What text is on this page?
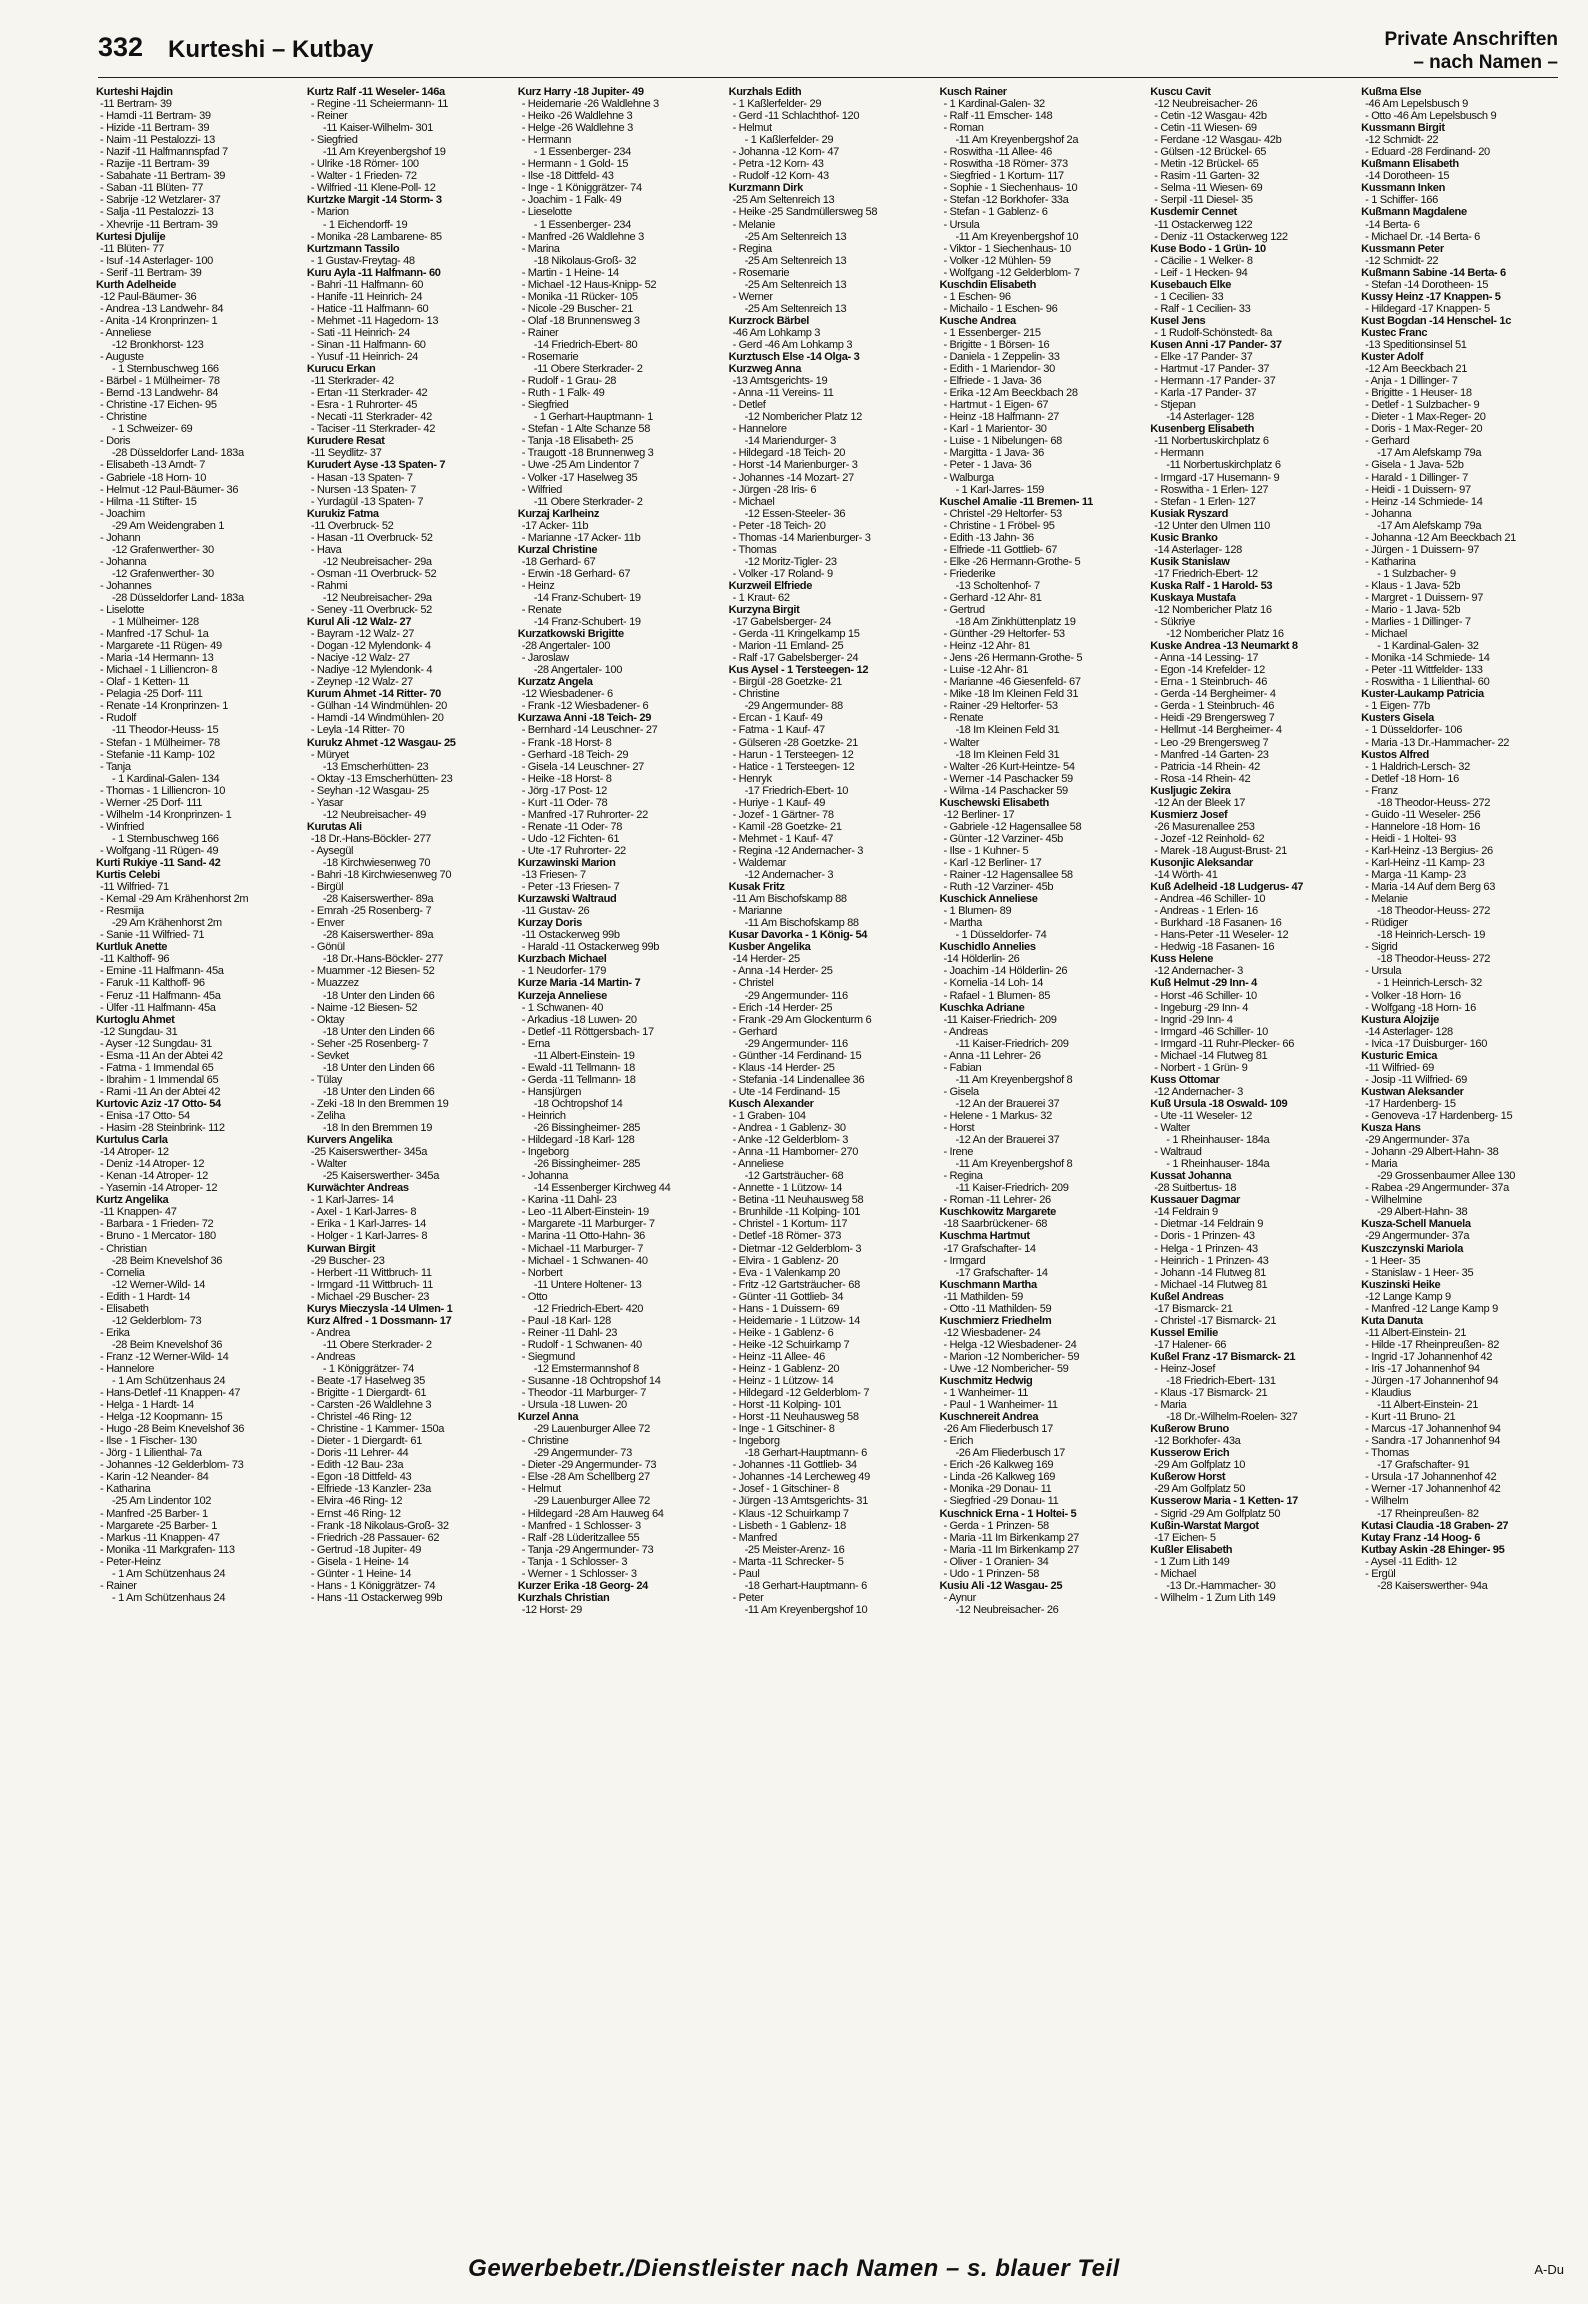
332 Kurteshi – Kutbay	Private Anschriften
– nach Namen –
Kurteshi Hajdin
-11 Bertram- 39
- Hamdi -11 Bertram- 39
- Hizide -11 Bertram- 39
- Naim -11 Pestalozzi- 13
- Nazif -11 Halfmannspfad 7
- Razije -11 Bertram- 39
- Sabahate -11 Bertram- 39
- Saban -11 Blüten- 77
- Sabrije -12 Wetzlarer- 37
- Salja -11 Pestalozzi- 13
- Xhevrije -11 Bertram- 39
Kurtesi Djulije
-11 Blüten- 77
- Isuf -14 Asterlager- 100
- Serif -11 Bertram- 39
Kurth Adelheide
-12 Paul-Bäumer- 36
- Andrea -13 Landwehr- 84
- Anita -14 Kronprinzen- 1
- Anneliese
-12 Bronkhorst- 123
- Auguste
- 1 Sternbuschweg 166
- Bärbel - 1 Mülheimer- 78
- Bernd -13 Landwehr- 84
- Christine -17 Eichen- 95
- Christine
- 1 Schweizer- 69
- Doris
-28 Düsseldorfer Land- 183a
- Elisabeth -13 Arndt- 7
- Gabriele -18 Horn- 10
- Helmut -12 Paul-Bäumer- 36
- Hilma -11 Stifter- 15
- Joachim
-29 Am Weidengraben 1
- Johann
-12 Grafenwerther- 30
- Johanna
-12 Grafenwerther- 30
- Johannes
-28 Düsseldorfer Land- 183a
- Liselotte
- 1 Mülheimer- 128
- Manfred -17 Schul- 1a
- Margarete -11 Rügen- 49
- Maria -14 Hermann- 13
- Michael - 1 Lilliencron- 8
- Olaf - 1 Ketten- 11
- Pelagia -25 Dorf- 111
- Renate -14 Kronprinzen- 1
- Rudolf
-11 Theodor-Heuss- 15
- Stefan - 1 Mülheimer- 78
- Stefanie -11 Kamp- 102
- Tanja
- 1 Kardinal-Galen- 134
- Thomas - 1 Lilliencron- 10
- Werner -25 Dorf- 111
- Wilhelm -14 Kronprinzen- 1
- Winfried
- 1 Sternbuschweg 166
- Wolfgang -11 Rügen- 49
Kurti Rukiye -11 Sand- 42
Kurtis Celebi
-11 Wilfried- 71
- Kemal -29 Am Krähenhorst 2m
- Resmija
-29 Am Krähenhorst 2m
- Sanie -11 Wilfried- 71
Kurtluk Anette
-11 Kalthoff- 96
- Emine -11 Halfmann- 45a
- Faruk -11 Kalthoff- 96
- Feruz -11 Halfmann- 45a
- Ülfer -11 Halfmann- 45a
Kurtoglu Ahmet
-12 Sungdau- 31
- Ayser -12 Sungdau- 31
- Esma -11 An der Abtei 42
- Fatma - 1 Immendal 65
- Ibrahim - 1 Immendal 65
- Rami -11 An der Abtei 42
Kurtovic Aziz -17 Otto- 54
- Enisa -17 Otto- 54
- Hasim -28 Steinbrink- 112
Kurtulus Carla
-14 Atroper- 12
- Deniz -14 Atroper- 12
- Kenan -14 Atroper- 12
- Yasemin -14 Atroper- 12
Kurtz Angelika
-11 Knappen- 47
- Barbara - 1 Frieden- 72
- Bruno - 1 Mercator- 180
- Christian
-28 Beim Knevelshof 36
- Cornelia
-12 Werner-Wild- 14
- Edith - 1 Hardt- 14
- Elisabeth
-12 Gelderblom- 73
- Erika
-28 Beim Knevelshof 36
- Franz -12 Werner-Wild- 14
- Hannelore
- 1 Am Schützenhaus 24
- Hans-Detlef -11 Knappen- 47
- Helga - 1 Hardt- 14
- Helga -12 Koopmann- 15
- Hugo -28 Beim Knevelshof 36
- Ilse - 1 Fischer- 130
- Jörg - 1 Lilienthal- 7a
- Johannes -12 Gelderblom- 73
- Karin -12 Neander- 84
- Katharina
-25 Am Lindentor 102
- Manfred -25 Barber- 1
- Margarete -25 Barber- 1
- Markus -11 Knappen- 47
- Monika -11 Markgrafen- 113
- Peter-Heinz
- 1 Am Schützenhaus 24
- Rainer
- 1 Am Schützenhaus 24
Kurtz Ralf -11 Weseler- 146a
- Regine -11 Scheiermann- 11
- Reiner
-11 Kaiser-Wilhelm- 301
- Siegfried
-11 Am Kreyenbergshof 19
- Ulrike -18 Römer- 100
- Walter - 1 Frieden- 72
- Wilfried -11 Klene-Poll- 12
Kurtzke Margit -14 Storm- 3
- Marion
- 1 Eichendorff- 19
- Monika -28 Lambarene- 85
Kurtzmann Tassilo
- 1 Gustav-Freytag- 48
Kuru Ayla -11 Halfmann- 60
- Bahri -11 Halfmann- 60
- Hanife -11 Heinrich- 24
- Hatice -11 Halfmann- 60
- Mehmet -11 Hagedorn- 13
- Sati -11 Heinrich- 24
- Sinan -11 Halfmann- 60
- Yusuf -11 Heinrich- 24
Kurucu Erkan
-11 Sterkrader- 42
- Ertan -11 Sterkrader- 42
- Esra - 1 Ruhrorter- 45
- Necati -11 Sterkrader- 42
- Taciser -11 Sterkrader- 42
Kurudere Resat
-11 Seydlitz- 37
Kurudert Ayse -13 Spaten- 7
- Hasan -13 Spaten- 7
- Nursen -13 Spaten- 7
- Yurdagül -13 Spaten- 7
Kurukiz Fatma
-11 Overbruck- 52
- Hasan -11 Overbruck- 52
- Hava
-12 Neubreisacher- 29a
- Osman -11 Overbruck- 52
- Rahmi
-12 Neubreisacher- 29a
- Seney -11 Overbruck- 52
Kurul Ali -12 Walz- 27
- Bayram -12 Walz- 27
- Dogan -12 Mylendonk- 4
- Naciye -12 Walz- 27
- Nadiye -12 Mylendonk- 4
- Zeynep -12 Walz- 27
Kurum Ahmet -14 Ritter- 70
- Gülhan -14 Windmühlen- 20
- Hamdi -14 Windmühlen- 20
- Leyla -14 Ritter- 70
Kurukz Ahmet -12 Wasgau- 25
- Müryet
-13 Emscherhütten- 23
- Oktay -13 Emscherhütten- 23
- Seyhan -12 Wasgau- 25
- Yasar
-12 Neubreisacher- 49
Kurutas Ali
-18 Dr.-Hans-Böckler- 277
- Aysegül
-18 Kirchwiesenweg 70
- Bahri -18 Kirchwiesenweg 70
- Birgül
-28 Kaiserswerther- 89a
- Emrah -25 Rosenberg- 7
- Enver
-28 Kaiserswerther- 89a
- Gönül
-18 Dr.-Hans-Böckler- 277
- Muammer -12 Biesen- 52
- Muazzez
-18 Unter den Linden 66
- Naime -12 Biesen- 52
- Oktay
-18 Unter den Linden 66
- Seher -25 Rosenberg- 7
- Sevket
-18 Unter den Linden 66
- Tülay
-18 Unter den Linden 66
- Zeki -18 In den Bremmen 19
- Zeliha
-18 In den Bremmen 19
Kurvers Angelika
-25 Kaiserswerther- 345a
- Walter
-25 Kaiserswerther- 345a
Kurwächter Andreas
- 1 Karl-Jarres- 14
- Axel - 1 Karl-Jarres- 8
- Erika - 1 Karl-Jarres- 14
- Holger - 1 Karl-Jarres- 8
Kurwan Birgit
-29 Buscher- 23
- Herbert -11 Wittbruch- 11
- Irmgard -11 Wittbruch- 11
- Michael -29 Buscher- 23
Kurys Mieczysla -14 Ulmen- 1
Kurz Alfred - 1 Dossmann- 17
- Andrea
-11 Obere Sterkrader- 2
- Andreas
- 1 Königgrätzer- 74
- Beate -17 Haselweg 35
- Brigitte - 1 Diergardt- 61
- Carsten -26 Waldlehne 3
- Christel -46 Ring- 12
- Christine - 1 Kammer- 150a
- Dieter - 1 Diergardt- 61
- Doris -11 Lehrer- 44
- Edith -12 Bau- 23a
- Egon -18 Dittfeld- 43
- Elfriede -13 Kanzler- 23a
- Elvira -46 Ring- 12
- Ernst -46 Ring- 12
- Frank -18 Nikolaus-Groß- 32
- Friedrich -28 Passauer- 62
- Gertrud -18 Jupiter- 49
- Gisela - 1 Heine- 14
- Günter - 1 Heine- 14
- Hans - 1 Königgrätzer- 74
- Hans -11 Ostackerweg 99b
Kurz Harry -18 Jupiter- 49
- Heidemarie -26 Waldlehne 3
- Heiko -26 Waldlehne 3
- Helge -26 Waldlehne 3
- Hermann
- 1 Essenberger- 234
- Hermann - 1 Gold- 15
- Ilse -18 Dittfeld- 43
- Inge - 1 Königgrätzer- 74
- Joachim - 1 Falk- 49
- Lieselotte
- 1 Essenberger- 234
- Manfred -26 Waldlehne 3
- Marina
-18 Nikolaus-Groß- 32
- Martin - 1 Heine- 14
- Michael -12 Haus-Knipp- 52
- Monika -11 Rücker- 105
- Nicole -29 Buscher- 21
- Olaf -18 Brunnensweg 3
- Rainer
-14 Friedrich-Ebert- 80
- Rosemarie
-11 Obere Sterkrader- 2
- Rudolf - 1 Grau- 28
- Ruth - 1 Falk- 49
- Siegfried
- 1 Gerhart-Hauptmann- 1
- Stefan - 1 Alte Schanze 58
- Tanja -18 Elisabeth- 25
- Traugott -18 Brunnenweg 3
- Uwe -25 Am Lindentor 7
- Volker -17 Haselweg 35
- Wilfried
-11 Obere Sterkrader- 2
Kurzaj Karlheinz
-17 Acker- 11b
- Marianne -17 Acker- 11b
Kurzal Christine
-18 Gerhard- 67
- Erwin -18 Gerhard- 67
- Heinz
-14 Franz-Schubert- 19
- Renate
-14 Franz-Schubert- 19
Kurzatkowski Brigitte
-28 Angertaler- 100
- Jaroslaw
-28 Angertaler- 100
Kurzatz Angela
-12 Wiesbadener- 6
- Frank -12 Wiesbadener- 6
Kurzawa Anni -18 Teich- 29
- Bernhard -14 Leuschner- 27
- Frank -18 Horst- 8
- Gerhard -18 Teich- 29
- Gisela -14 Leuschner- 27
- Heike -18 Horst- 8
- Jörg -17 Post- 12
- Kurt -11 Oder- 78
- Manfred -17 Ruhrorter- 22
- Renate -11 Oder- 78
- Udo -12 Fichten- 61
- Ute -17 Ruhrorter- 22
Kurzawinski Marion
-13 Friesen- 7
- Peter -13 Friesen- 7
Kurzawski Waltraud
-11 Gustav- 26
Kurzay Doris
-11 Ostackerweg 99b
- Harald -11 Ostackerweg 99b
Kurzbach Michael
- 1 Neudorfer- 179
Kurze Maria -14 Martin- 7
Kurzeja Anneliese
- 1 Schwanen- 40
- Arkadius -18 Luwen- 20
- Detlef -11 Röttgersbach- 17
- Erna
-11 Albert-Einstein- 19
- Ewald -11 Tellmann- 18
- Gerda -11 Tellmann- 18
- Hansjürgen
-18 Ochtropshof 14
- Heinrich
-26 Bissingheimer- 285
- Hildegard -18 Karl- 128
- Ingeborg
-26 Bissingheimer- 285
- Johanna
-14 Essenberger Kirchweg 44
- Karina -11 Dahl- 23
- Leo -11 Albert-Einstein- 19
- Margarete -11 Marburger- 7
- Marina -11 Otto-Hahn- 36
- Michael -11 Marburger- 7
- Michael - 1 Schwanen- 40
- Norbert
-11 Untere Holtener- 13
- Otto
-12 Friedrich-Ebert- 420
- Paul -18 Karl- 128
- Reiner -11 Dahl- 23
- Rudolf - 1 Schwanen- 40
- Siegmund
-12 Emstermannshof 8
- Susanne -18 Ochtropshof 14
- Theodor -11 Marburger- 7
- Ursula -18 Luwen- 20
Kurzel Anna
-29 Lauenburger Allee 72
- Christine
-29 Angermunder- 73
- Dieter -29 Angermunder- 73
- Else -28 Am Schellberg 27
- Helmut
-29 Lauenburger Allee 72
- Hildegard -28 Am Hauweg 64
- Manfred - 1 Schlosser- 3
- Ralf -28 Lüderitzallee 55
- Tanja -29 Angermunder- 73
- Tanja - 1 Schlosser- 3
- Werner - 1 Schlosser- 3
Kurzer Erika -18 Georg- 24
Kurzhals Christian
-12 Horst- 29
Kurzhals Edith
- 1 Kaßlerfelder- 29
- Gerd -11 Schlachthof- 120
- Helmut
- 1 Kaßlerfelder- 29
- Johanna -12 Korn- 47
- Petra -12 Korn- 43
- Rudolf -12 Korn- 43
Kurzmann Dirk
-25 Am Seltenreich 13
- Heike -25 Sandmüllersweg 58
- Melanie
-25 Am Seltenreich 13
- Regina
-25 Am Seltenreich 13
- Rosemarie
-25 Am Seltenreich 13
- Werner
-25 Am Seltenreich 13
Kurzrock Bärbel
-46 Am Lohkamp 3
- Gerd -46 Am Lohkamp 3
Kurztusch Else -14 Olga- 3
Kurzweg Anna
-13 Amtsgerichts- 19
- Anna -11 Vereins- 11
- Detlef
-12 Nombericher Platz 12
- Hannelore
-14 Mariendurger- 3
- Hildegard -18 Teich- 20
- Horst -14 Marienburger- 3
- Johannes -14 Mozart- 27
- Jürgen -28 Iris- 6
- Michael
-12 Essen-Steeler- 36
- Peter -18 Teich- 20
- Thomas -14 Marienburger- 3
- Thomas
-12 Moritz-Tigler- 23
- Volker -17 Roland- 9
Kurzweil Elfriede
- 1 Kraut- 62
Kurzyna Birgit
-17 Gabelsberger- 24
- Gerda -11 Kringelkamp 15
- Marion -11 Emland- 25
- Ralf -17 Gabelsberger- 24
Kus Aysel - 1 Tersteegen- 12
- Birgül -28 Goetzke- 21
- Christine
-29 Angermunder- 88
- Ercan - 1 Kauf- 49
- Fatma - 1 Kauf- 47
- Gülseren -28 Goetzke- 21
- Harun - 1 Tersteegen- 12
- Hatice - 1 Tersteegen- 12
- Henryk
-17 Friedrich-Ebert- 10
- Huriye - 1 Kauf- 49
- Jozef - 1 Gärtner- 78
- Kamil -28 Goetzke- 21
- Mehmet - 1 Kauf- 47
- Regina -12 Andernacher- 3
- Waldemar
-12 Andernacher- 3
Kusak Fritz
-11 Am Bischofskamp 88
- Marianne
-11 Am Bischofskamp 88
Kusar Davorka - 1 König- 54
Kusber Angelika
-14 Herder- 25
- Anna -14 Herder- 25
- Christel
-29 Angermunder- 116
- Erich -14 Herder- 25
- Frank -29 Am Glockenturm 6
- Gerhard
-29 Angermunder- 116
- Günther -14 Ferdinand- 15
- Klaus -14 Herder- 25
- Stefania -14 Lindenallee 36
- Ute -14 Ferdinand- 15
Kusch Alexander
- 1 Graben- 104
- Andrea - 1 Gablenz- 30
- Anke -12 Gelderblom- 3
- Anna -11 Hamborner- 270
- Anneliese
-12 Gartsträucher- 68
- Annette - 1 Lützow- 14
- Betina -11 Neuhausweg 58
- Brunhilde -11 Kolping- 101
- Christel - 1 Kortum- 117
- Detlef -18 Römer- 373
- Dietmar -12 Gelderblom- 3
- Elvira - 1 Gablenz- 20
- Eva - 1 Valenkamp 20
- Fritz -12 Gartsträucher- 68
- Günter -11 Gottlieb- 34
- Hans - 1 Duissern- 69
- Heidemarie - 1 Lützow- 14
- Heike - 1 Gablenz- 6
- Heike -12 Schuirkamp 7
- Heinz -11 Allee- 46
- Heinz - 1 Gablenz- 20
- Heinz - 1 Lützow- 14
- Hildegard -12 Gelderblom- 7
- Horst -11 Kolping- 101
- Horst -11 Neuhausweg 58
- Inge - 1 Gitschiner- 8
- Ingeborg
-18 Gerhart-Hauptmann- 6
- Johannes -11 Gottlieb- 34
- Johannes -14 Lercheweg 49
- Josef - 1 Gitschiner- 8
- Jürgen -13 Amtsgerichts- 31
- Klaus -12 Schuirkamp 7
- Lisbeth - 1 Gablenz- 18
- Manfred
-25 Meister-Arenz- 16
- Marta -11 Schrecker- 5
- Paul
-18 Gerhart-Hauptmann- 6
- Peter
-11 Am Kreyenbergshof 10
Kusch Rainer
- 1 Kardinal-Galen- 32
- Ralf -11 Emscher- 148
- Roman
-11 Am Kreyenbergshof 2a
- Roswitha -11 Allee- 46
- Roswitha -18 Römer- 373
- Siegfried - 1 Kortum- 117
- Sophie - 1 Siechenhaus- 10
- Stefan -12 Borkhofer- 33a
- Stefan - 1 Gablenz- 6
- Ursula
-11 Am Kreyenbergshof 10
- Viktor - 1 Siechenhaus- 10
- Volker -12 Mühlen- 59
- Wolfgang -12 Gelderblom- 7
Kuschdin Elisabeth
- 1 Eschen- 96
- Michailo - 1 Eschen- 96
Kusche Andrea
- 1 Essenberger- 215
- Brigitte - 1 Börsen- 16
- Daniela - 1 Zeppelin- 33
- Edith - 1 Mariendor- 30
- Elfriede - 1 Java- 36
- Erika -12 Am Beeckbach 28
- Hartmut - 1 Eigen- 67
- Heinz -18 Halfmann- 27
- Karl - 1 Marientor- 30
- Luise - 1 Nibelungen- 68
- Margitta - 1 Java- 36
- Peter - 1 Java- 36
- Walburga
- 1 Karl-Jarres- 159
Kuschel Amalie -11 Bremen- 11
- Christel -29 Heltorfer- 53
- Christine - 1 Fröbel- 95
- Edith -13 Jahn- 36
- Elfriede -11 Gottlieb- 67
- Elke -26 Hermann-Grothe- 5
- Friederike
-13 Scholtenhof- 7
- Gerhard -12 Ahr- 81
- Gertrud
-18 Am Zinkhüttenplatz 19
- Günther -29 Heltorfer- 53
- Heinz -12 Ahr- 81
- Jens -26 Hermann-Grothe- 5
- Luise -12 Ahr- 81
- Marianne -46 Giesenfeld- 67
- Mike -18 Im Kleinen Feld 31
- Rainer -29 Heltorfer- 53
- Renate
-18 Im Kleinen Feld 31
- Walter
-18 Im Kleinen Feld 31
- Walter -26 Kurt-Heintze- 54
- Werner -14 Paschacker 59
- Wilma -14 Paschacker 59
Kuschewski Elisabeth
-12 Berliner- 17
- Gabriele -12 Hagensallee 58
- Günter -12 Varziner- 45b
- Ilse - 1 Kuhner- 5
- Karl -12 Berliner- 17
- Rainer -12 Hagensallee 58
- Ruth -12 Varziner- 45b
Kuschick Anneliese
- 1 Blumen- 89
- Martha
- 1 Düsseldorfer- 74
Kuschidlo Annelies
-14 Hölderlin- 26
- Joachim -14 Hölderlin- 26
- Kornelia -14 Loh- 14
- Rafael - 1 Blumen- 85
Kuschka Adriane
-11 Kaiser-Friedrich- 209
- Andreas
-11 Kaiser-Friedrich- 209
- Anna -11 Lehrer- 26
- Fabian
-11 Am Kreyenbergshof 8
- Gisela
-12 An der Brauerei 37
- Helene - 1 Markus- 32
- Horst
-12 An der Brauerei 37
- Irene
-11 Am Kreyenbergshof 8
- Regina
-11 Kaiser-Friedrich- 209
- Roman -11 Lehrer- 26
Kuschkowitz Margarete
-18 Saarbrückener- 68
Kuschma Hartmut
-17 Grafschafter- 14
- Irmgard
-17 Grafschafter- 14
Kuschmann Martha
-11 Mathilden- 59
- Otto -11 Mathilden- 59
Kuschmierz Friedhelm
-12 Wiesbadener- 24
- Helga -12 Wiesbadener- 24
- Marion -12 Nombericher- 59
- Uwe -12 Nombericher- 59
Kuschmitz Hedwig
- 1 Wanheimer- 11
- Paul - 1 Wanheimer- 11
Kuschnereit Andrea
-26 Am Fliederbusch 17
- Erich
-26 Am Fliederbusch 17
- Erich -26 Kalkweg 169
- Linda -26 Kalkweg 169
- Monika -29 Donau- 11
- Siegfried -29 Donau- 11
Kuschnick Erna - 1 Holtei- 5
- Gerda - 1 Prinzen- 58
- Maria -11 Im Birkenkamp 27
- Maria -11 Im Birkenkamp 27
- Oliver - 1 Oranien- 34
- Udo - 1 Prinzen- 58
Kusiu Ali -12 Wasgau- 25
- Aynur
-12 Neubreisacher- 26
Kuscu Cavit
-12 Neubreisacher- 26
- Cetin -12 Wasgau- 42b
- Cetin -11 Wiesen- 69
- Ferdane -12 Wasgau- 42b
- Gülsen -12 Brückel- 65
- Metin -12 Brückel- 65
- Rasim -11 Garten- 32
- Selma -11 Wiesen- 69
- Serpil -11 Diesel- 35
Kusdemir Cennet
-11 Ostackerweg 122
- Deniz -11 Ostackerweg 122
Kuse Bodo - 1 Grün- 10
- Cäcilie - 1 Welker- 8
- Leif - 1 Hecken- 94
Kusebauch Elke
- 1 Cecilien- 33
- Ralf - 1 Cecilien- 33
Kusel Jens
- 1 Rudolf-Schönstedt- 8a
Kusen Anni -17 Pander- 37
- Elke -17 Pander- 37
- Hartmut -17 Pander- 37
- Hermann -17 Pander- 37
- Karla -17 Pander- 37
- Stjepan
-14 Asterlager- 128
Kusenberg Elisabeth
-11 Norbertuskirchplatz 6
- Hermann
-11 Norbertuskirchplatz 6
- Irmgard -17 Husemann- 9
- Roswitha - 1 Erlen- 127
- Stefan - 1 Erlen- 127
Kusiak Ryszard
-12 Unter den Ulmen 110
Kusic Branko
-14 Asterlager- 128
Kusik Stanislaw
-17 Friedrich-Ebert- 12
Kuska Ralf - 1 Harold- 53
Kuskaya Mustafa
-12 Nombericher Platz 16
- Sükriye
-12 Nombericher Platz 16
Kuske Andrea -13 Neumarkt 8
- Anna -14 Lessing- 17
- Egon -14 Krefelder- 12
- Erna - 1 Steinbruch- 46
- Gerda -14 Bergheimer- 4
- Gerda - 1 Steinbruch- 46
- Heidi -29 Brengersweg 7
- Hellmut -14 Bergheimer- 4
- Leo -29 Brengersweg 7
- Manfred -14 Garten- 23
- Patricia -14 Rhein- 42
- Rosa -14 Rhein- 42
Kusljugic Zekira
-12 An der Bleek 17
Kusmierz Josef
-26 Masurenallee 253
- Jozef -12 Reinhold- 62
- Marek -18 August-Brust- 21
Kusonjic Aleksandar
-14 Wörth- 41
Kuß Adelheid -18 Ludgerus- 47
- Andrea -46 Schiller- 10
- Andreas - 1 Erlen- 16
- Burkhard -18 Fasanen- 16
- Hans-Peter -11 Weseler- 12
- Hedwig -18 Fasanen- 16
Kuss Helene
-12 Andernacher- 3
Kuß Helmut -29 Inn- 4
- Horst -46 Schiller- 10
- Ingeburg -29 Inn- 4
- Ingrid -29 Inn- 4
- Irmgard -46 Schiller- 10
- Irmgard -11 Ruhr-Plecker- 66
- Michael -14 Flutweg 81
- Norbert - 1 Grün- 9
Kuss Ottomar
-12 Andernacher- 3
Kuß Ursula -18 Oswald- 109
- Ute -11 Weseler- 12
- Walter
- 1 Rheinhauser- 184a
- Waltraud
- 1 Rheinhauser- 184a
Kussat Johanna
-28 Suitbertus- 18
Kussauer Dagmar
-14 Feldrain 9
- Dietmar -14 Feldrain 9
- Doris - 1 Prinzen- 43
- Helga - 1 Prinzen- 43
- Heinrich - 1 Prinzen- 43
- Johann -14 Flutweg 81
- Michael -14 Flutweg 81
Kußel Andreas
-17 Bismarck- 21
- Christel -17 Bismarck- 21
Kussel Emilie
-17 Halener- 66
Kußel Franz -17 Bismarck- 21
- Heinz-Josef
-18 Friedrich-Ebert- 131
- Klaus -17 Bismarck- 21
- Maria
-18 Dr.-Wilhelm-Roelen- 327
Kußerow Bruno
-12 Borkhofer- 43a
Kusserow Erich
-29 Am Golfplatz 10
Kußerow Horst
-29 Am Golfplatz 50
Kusserow Maria - 1 Ketten- 17
- Sigrid -29 Am Golfplatz 50
Kußin-Warstat Margot
-17 Eichen- 5
Kußler Elisabeth
- 1 Zum Lith 149
- Michael
-13 Dr.-Hammacher- 30
- Wilhelm - 1 Zum Lith 149
Kußma Else
-46 Am Lepelsbusch 9
- Otto -46 Am Lepelsbusch 9
Kussmann Birgit
-12 Schmidt- 22
- Eduard -28 Ferdinand- 20
Kußmann Elisabeth
-14 Dorotheen- 15
Kussmann Inken
- 1 Schiffer- 166
Kußmann Magdalene
-14 Berta- 6
- Michael Dr. -14 Berta- 6
Kussmann Peter
-12 Schmidt- 22
Kußmann Sabine -14 Berta- 6
- Stefan -14 Dorotheen- 15
Kussy Heinz -17 Knappen- 5
- Hildegard -17 Knappen- 5
Kust Bogdan -14 Henschel- 1c
Kustec Franc
-13 Speditionsinsel 51
Kuster Adolf
-12 Am Beeckbach 21
- Anja - 1 Dillinger- 7
- Brigitte - 1 Heuser- 18
- Detlef - 1 Sulzbacher- 9
- Dieter - 1 Max-Reger- 20
- Doris - 1 Max-Reger- 20
- Gerhard
-17 Am Alefskamp 79a
- Gisela - 1 Java- 52b
- Harald - 1 Dillinger- 7
- Heidi - 1 Duissern- 97
- Heinz -14 Schmiede- 14
- Johanna
-17 Am Alefskamp 79a
- Johanna -12 Am Beeckbach 21
- Jürgen - 1 Duissern- 97
- Katharina
- 1 Sulzbacher- 9
- Klaus - 1 Java- 52b
- Margret - 1 Duissern- 97
- Mario - 1 Java- 52b
- Marlies - 1 Dillinger- 7
- Michael
- 1 Kardinal-Galen- 32
- Monika -14 Schmiede- 14
- Peter -11 Wittfelder- 133
- Roswitha - 1 Lilienthal- 60
Kuster-Laukamp Patricia
- 1 Eigen- 77b
Kusters Gisela
- 1 Düsseldorfer- 106
- Maria -13 Dr.-Hammacher- 22
Kustos Alfred
- 1 Haldrich-Lersch- 32
- Detlef -18 Horn- 16
- Franz
-18 Theodor-Heuss- 272
- Guido -11 Weseler- 256
- Hannelore -18 Horn- 16
- Heidi - 1 Holtei- 93
- Karl-Heinz -13 Bergius- 26
- Karl-Heinz -11 Kamp- 23
- Marga -11 Kamp- 23
- Maria -14 Auf dem Berg 63
- Melanie
-18 Theodor-Heuss- 272
- Rüdiger
-18 Heinrich-Lersch- 19
- Sigrid
-18 Theodor-Heuss- 272
- Ursula
- 1 Heinrich-Lersch- 32
- Volker -18 Horn- 16
- Wolfgang -18 Horn- 16
Kustura Alojzije
-14 Asterlager- 128
- Ivica -17 Duisburger- 160
Kusturic Emica
-11 Wilfried- 69
- Josip -11 Wilfried- 69
Kustwan Aleksander
-17 Hardenberg- 15
- Genoveva -17 Hardenberg- 15
Kusza Hans
-29 Angermunder- 37a
- Johann -29 Albert-Hahn- 38
- Maria
-29 Grossenbaumer Allee 130
- Rabea -29 Angermunder- 37a
- Wilhelmine
-29 Albert-Hahn- 38
Kusza-Schell Manuela
-29 Angermunder- 37a
Kuszczynski Mariola
- 1 Heer- 35
- Stanislaw - 1 Heer- 35
Kuszinski Heike
-12 Lange Kamp 9
- Manfred -12 Lange Kamp 9
Kuta Danuta
-11 Albert-Einstein- 21
- Hilde -17 Rheinpreußen- 82
- Ingrid -17 Johannenhof 42
- Iris -17 Johannenhof 94
- Jürgen -17 Johannenhof 94
- Klaudius
-11 Albert-Einstein- 21
- Kurt -11 Bruno- 21
- Marcus -17 Johannenhof 94
- Sandra -17 Johannenhof 94
- Thomas
-17 Grafschafter- 91
- Ursula -17 Johannenhof 42
- Werner -17 Johannenhof 42
- Wilhelm
-17 Rheinpreußen- 82
Kutasi Claudia -18 Graben- 27
Kutay Franz -14 Hoog- 6
Kutbay Askin -28 Ehinger- 95
- Aysel -11 Edith- 12
- Ergül
-28 Kaiserswerther- 94a
Gewerbebetr./Dienstleister nach Namen – s. blauer Teil	A-Du
